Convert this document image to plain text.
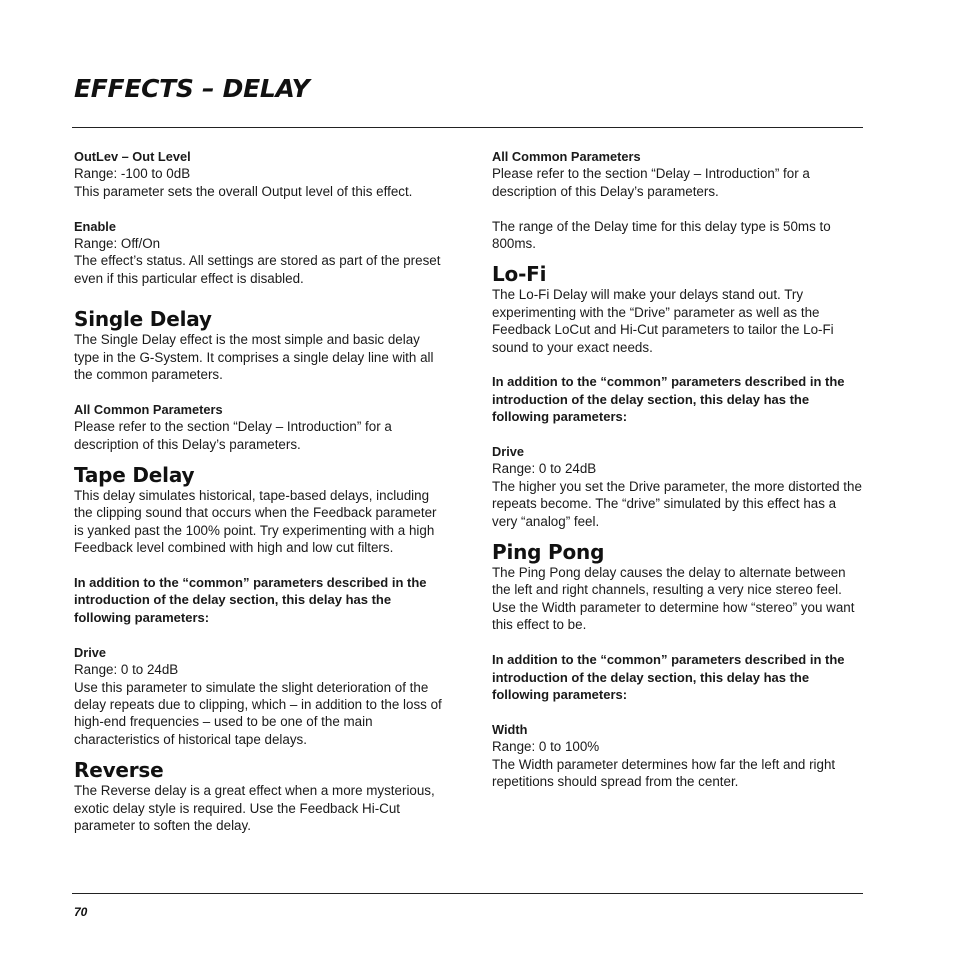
EFFECTS – DELAY

OutLev – Out Level

Range: -100 to 0dB

This parameter sets the overall Output level of this effect.

Enable

Range: Off/On

The effect’s status. All settings are stored as part of the preset even if this particular effect is disabled.

Single Delay

The Single Delay effect is the most simple and basic delay type in the G-System. It comprises a single delay line with all the common parameters.

All Common Parameters

Please refer to the section “Delay – Introduction” for a description of this Delay’s parameters.

Tape Delay

This delay simulates historical, tape-based delays, including the clipping sound that occurs when the Feedback parameter is yanked past the 100% point. Try experimenting with a high Feedback level combined with high and low cut filters.

In addition to the “common” parameters described in the introduction of the delay section, this delay has the following parameters:

Drive

Range: 0 to 24dB

Use this parameter to simulate the slight deterioration of the delay repeats due to clipping, which – in addition to the loss of high-end frequencies – used to be one of the main characteristics of historical tape delays.

Reverse

The Reverse delay is a great effect when a more mysterious, exotic delay style is required. Use the Feedback Hi-Cut parameter to soften the delay.

All Common Parameters

Please refer to the section “Delay – Introduction” for a description of this Delay’s parameters.

The range of the Delay time for this delay type is 50ms to 800ms.

Lo-Fi

The Lo-Fi Delay will make your delays stand out. Try experimenting with the “Drive” parameter as well as the Feedback LoCut and Hi-Cut parameters to tailor the Lo-Fi sound to your exact needs.

In addition to the “common” parameters described in the introduction of the delay section, this delay has the following parameters:

Drive

Range: 0 to 24dB

The higher you set the Drive parameter, the more distorted the repeats become. The “drive” simulated by this effect has a very “analog” feel.

Ping Pong

The Ping Pong delay causes the delay to alternate between the left and right channels, resulting a very nice stereo feel. Use the Width parameter to determine how “stereo” you want this effect to be.

In addition to the “common” parameters described in the introduction of the delay section, this delay has the following parameters:

Width

Range: 0 to 100%

The Width parameter determines how far the left and right repetitions should spread from the center.

70
